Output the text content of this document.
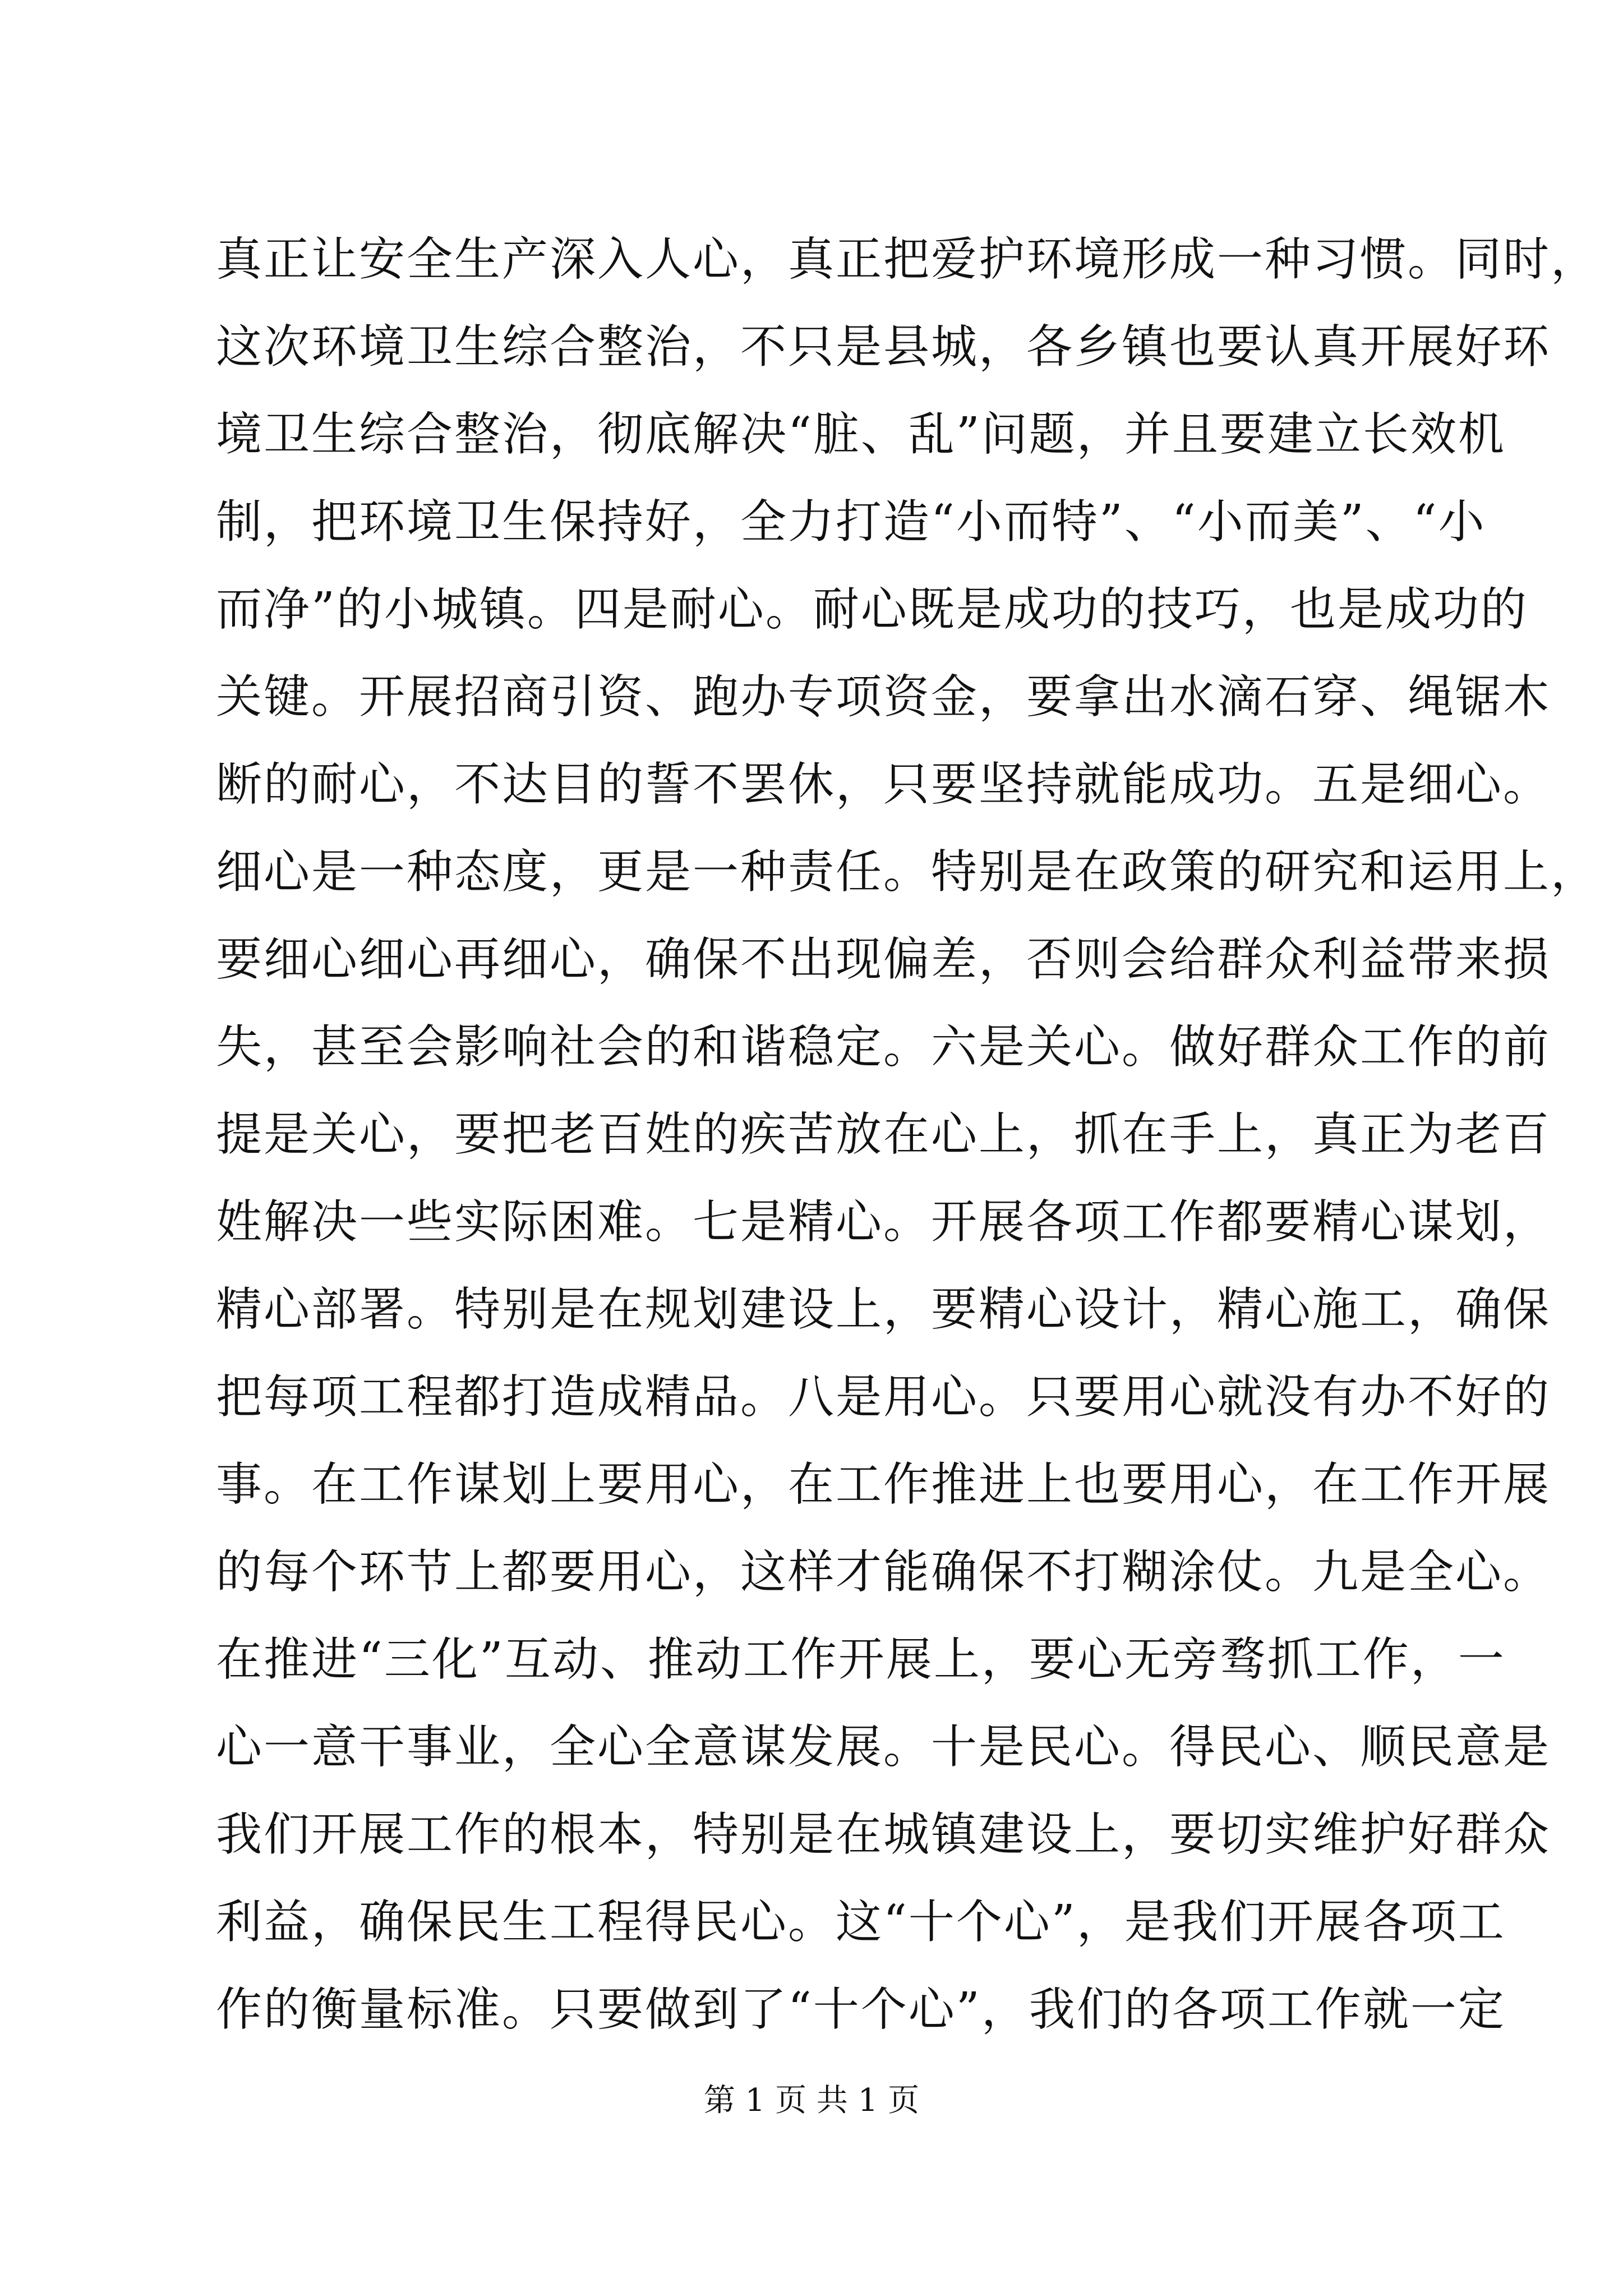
真正让安全生产深入人心，真正把爱护环境形成一种习惯。同时，
这次环境卫生综合整治，不只是县城，各乡镇也要认真开展好环
境卫生综合整治，彻底解决“脏、乱”问题，并且要建立长效机
制，把环境卫生保持好，全力打造“小而特”、“小而美”、“小
而净”的小城镇。四是耐心。耐心既是成功的技巧，也是成功的
关键。开展招商引资、跑办专项资金，要拿出水滴石穿、绳锯木
断的耐心，不达目的誓不罢休，只要坚持就能成功。五是细心。
细心是一种态度，更是一种责任。特别是在政策的研究和运用上，
要细心细心再细心，确保不出现偏差，否则会给群众利益带来损
失，甚至会影响社会的和谐稳定。六是关心。做好群众工作的前
提是关心，要把老百姓的疾苦放在心上，抓在手上，真正为老百
姓解决一些实际困难。七是精心。开展各项工作都要精心谋划，
精心部署。特别是在规划建设上，要精心设计，精心施工，确保
把每项工程都打造成精品。八是用心。只要用心就没有办不好的
事。在工作谋划上要用心，在工作推进上也要用心，在工作开展
的每个环节上都要用心，这样才能确保不打糊涂仗。九是全心。
在推进“三化”互动、推动工作开展上，要心无旁骛抓工作，一
心一意干事业，全心全意谋发展。十是民心。得民心、顺民意是
我们开展工作的根本，特别是在城镇建设上，要切实维护好群众
利益，确保民生工程得民心。这“十个心”，是我们开展各项工
作的衡量标准。只要做到了“十个心”，我们的各项工作就一定
第 1 页 共 1 页
